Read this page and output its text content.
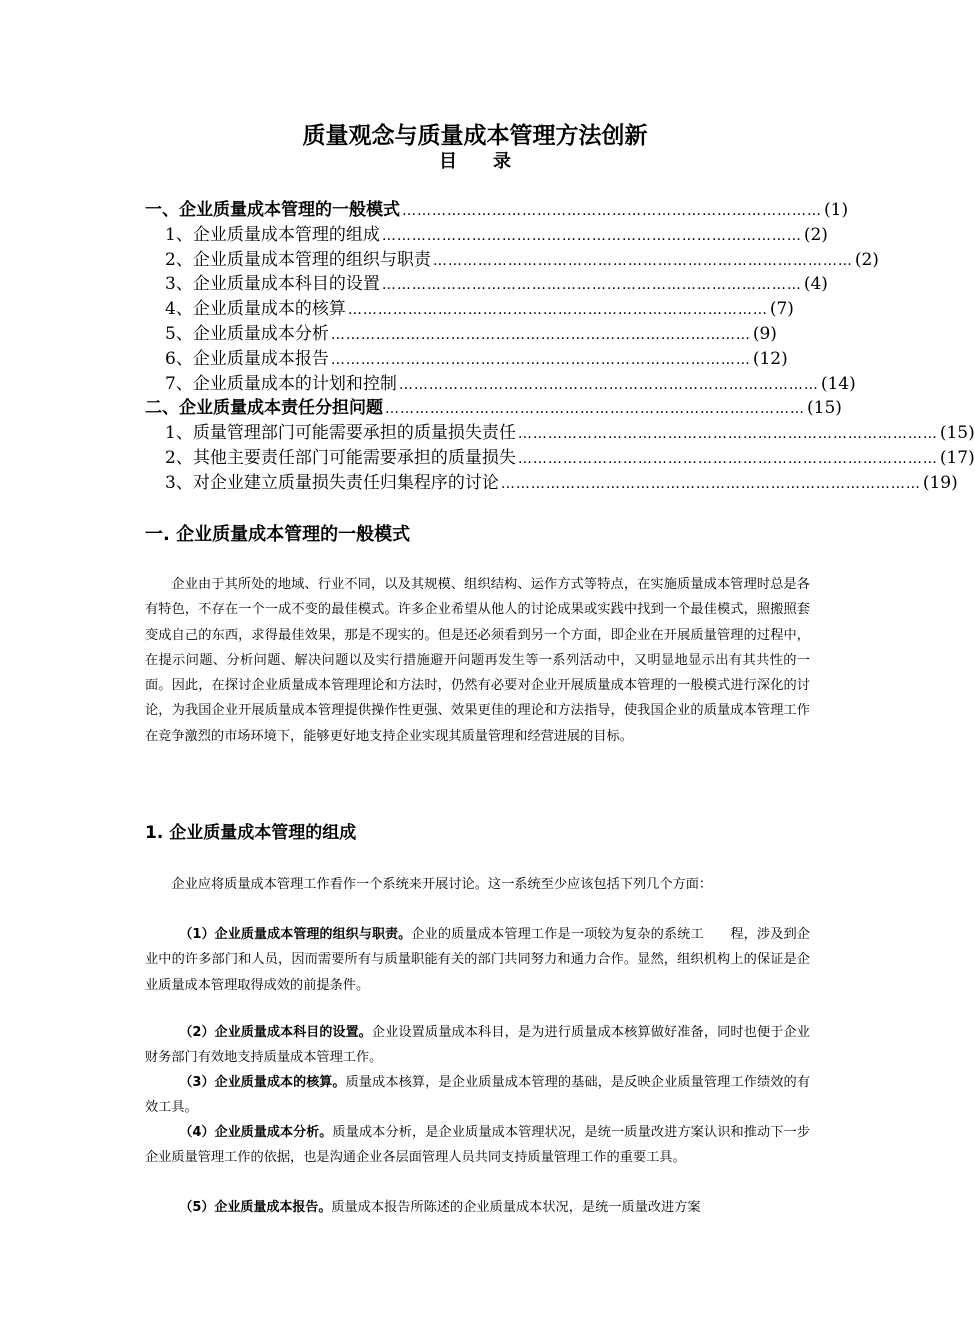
质量观念与质量成本管理方法创新
目　　录
一、企业质量成本管理的一般模式 ………………………………………………………………………… (1)
1、企业质量成本管理的组成 ………………………………………………………………………… (2)
2、企业质量成本管理的组织与职责 ………………………………………………………………………… (2)
3、企业质量成本科目的设置 ………………………………………………………………………… (4)
4、企业质量成本的核算 ………………………………………………………………………… (7)
5、企业质量成本分析 ………………………………………………………………………… (9)
6、企业质量成本报告 ………………………………………………………………………… (12)
7、企业质量成本的计划和控制 ………………………………………………………………………… (14)
二、企业质量成本责任分担问题 ………………………………………………………………………… (15)
1、质量管理部门可能需要承担的质量损失责任 ………………………………………………………………………… (15)
2、其他主要责任部门可能需要承担的质量损失 ………………………………………………………………………… (17)
3、对企业建立质量损失责任归集程序的讨论 ………………………………………………………………………… (19)
一. 企业质量成本管理的一般模式
企业由于其所处的地域、行业不同，以及其规模、组织结构、运作方式等特点，在实施质量成本管理时总是各有特色，不存在一个一成不变的最佳模式。许多企业希望从他人的讨论成果或实践中找到一个最佳模式，照搬照套变成自己的东西，求得最佳效果，那是不现实的。但是还必须看到另一个方面，即企业在开展质量管理的过程中，在提示问题、分析问题、解决问题以及实行措施避开问题再发生等一系列活动中，又明显地显示出有其共性的一面。因此，在探讨企业质量成本管理理论和方法时，仍然有必要对企业开展质量成本管理的一般模式进行深化的讨论，为我国企业开展质量成本管理提供操作性更强、效果更佳的理论和方法指导，使我国企业的质量成本管理工作在竞争激烈的市场环境下，能够更好地支持企业实现其质量管理和经营进展的目标。
1. 企业质量成本管理的组成
企业应将质量成本管理工作看作一个系统来开展讨论。这一系统至少应该包括下列几个方面：
（1）企业质量成本管理的组织与职责。企业的质量成本管理工作是一项较为复杂的系统工　　程，涉及到企业中的许多部门和人员，因而需要所有与质量职能有关的部门共同努力和通力合作。显然，组织机构上的保证是企业质量成本管理取得成效的前提条件。
（2）企业质量成本科目的设置。企业设置质量成本科目，是为进行质量成本核算做好准备，同时也便于企业财务部门有效地支持质量成本管理工作。
（3）企业质量成本的核算。质量成本核算，是企业质量成本管理的基础，是反映企业质量管理工作绩效的有效工具。
（4）企业质量成本分析。质量成本分析，是企业质量成本管理状况，是统一质量改进方案认识和推动下一步企业质量管理工作的依据，也是沟通企业各层面管理人员共同支持质量管理工作的重要工具。
（5）企业质量成本报告。质量成本报告所陈述的企业质量成本状况，是统一质量改进方案
